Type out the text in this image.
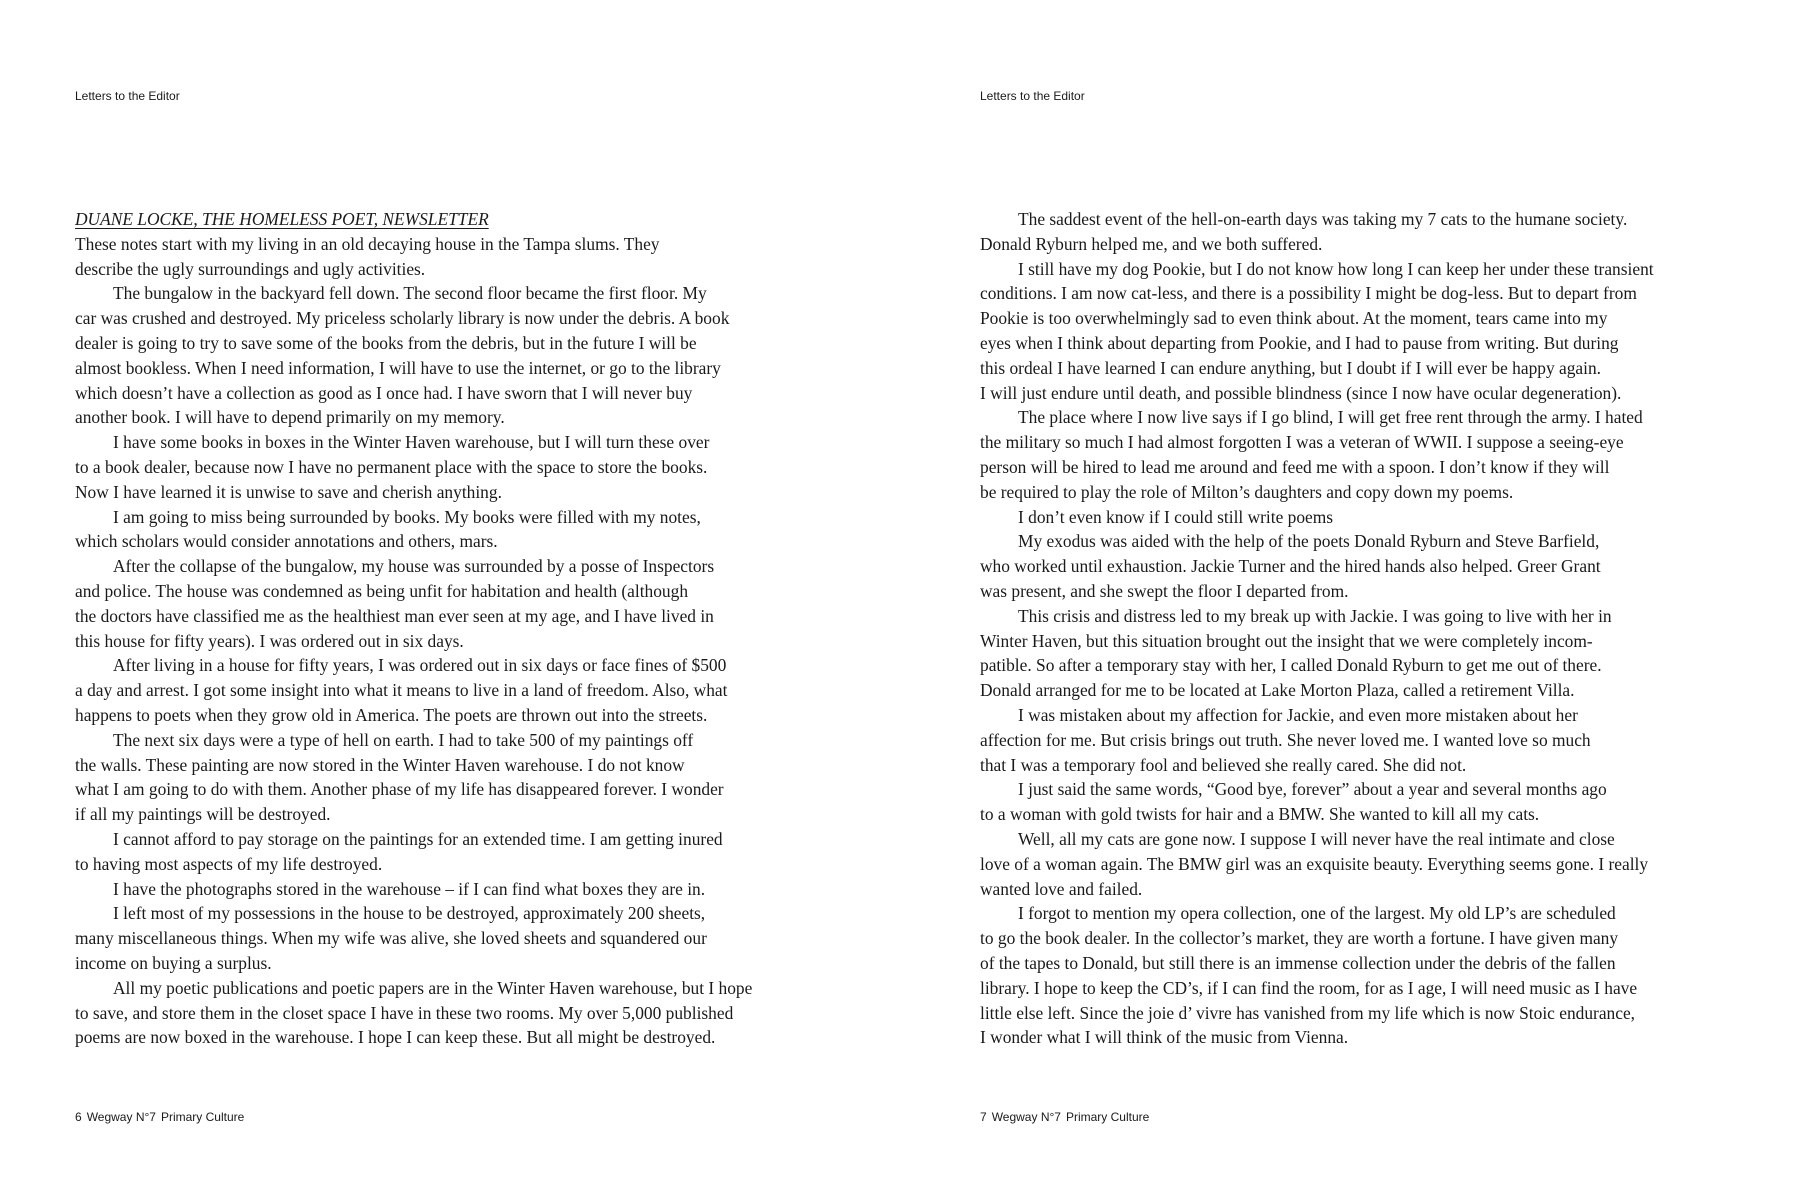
Letters to the Editor
DUANE LOCKE, THE HOMELESS POET, NEWSLETTER
These notes start with my living in an old decaying house in the Tampa slums. They
describe the ugly surroundings and ugly activities.
The bungalow in the backyard fell down. The second floor became the first floor. My
car was crushed and destroyed. My priceless scholarly library is now under the debris. A book
dealer is going to try to save some of the books from the debris, but in the future I will be
almost bookless. When I need information, I will have to use the internet, or go to the library
which doesn’t have a collection as good as I once had. I have sworn that I will never buy
another book. I will have to depend primarily on my memory.
I have some books in boxes in the Winter Haven warehouse, but I will turn these over
to a book dealer, because now I have no permanent place with the space to store the books.
Now I have learned it is unwise to save and cherish anything.
I am going to miss being surrounded by books. My books were filled with my notes,
which scholars would consider annotations and others, mars.
After the collapse of the bungalow, my house was surrounded by a posse of Inspectors
and police. The house was condemned as being unfit for habitation and health (although
the doctors have classified me as the healthiest man ever seen at my age, and I have lived in
this house for fifty years). I was ordered out in six days.
After living in a house for fifty years, I was ordered out in six days or face fines of $500
a day and arrest. I got some insight into what it means to live in a land of freedom. Also, what
happens to poets when they grow old in America. The poets are thrown out into the streets.
The next six days were a type of hell on earth. I had to take 500 of my paintings off
the walls. These painting are now stored in the Winter Haven warehouse. I do not know
what I am going to do with them. Another phase of my life has disappeared forever. I wonder
if all my paintings will be destroyed.
I cannot afford to pay storage on the paintings for an extended time. I am getting inured
to having most aspects of my life destroyed.
I have the photographs stored in the warehouse – if I can find what boxes they are in.
I left most of my possessions in the house to be destroyed, approximately 200 sheets,
many miscellaneous things. When my wife was alive, she loved sheets and squandered our
income on buying a surplus.
All my poetic publications and poetic papers are in the Winter Haven warehouse, but I hope
to save, and store them in the closet space I have in these two rooms. My over 5,000 published
poems are now boxed in the warehouse. I hope I can keep these. But all might be destroyed.
6 Wegway N°7 Primary Culture
Letters to the Editor
The saddest event of the hell-on-earth days was taking my 7 cats to the humane society.
Donald Ryburn helped me, and we both suffered.
I still have my dog Pookie, but I do not know how long I can keep her under these transient
conditions. I am now cat-less, and there is a possibility I might be dog-less. But to depart from
Pookie is too overwhelmingly sad to even think about. At the moment, tears came into my
eyes when I think about departing from Pookie, and I had to pause from writing. But during
this ordeal I have learned I can endure anything, but I doubt if I will ever be happy again.
I will just endure until death, and possible blindness (since I now have ocular degeneration).
The place where I now live says if I go blind, I will get free rent through the army. I hated
the military so much I had almost forgotten I was a veteran of WWII. I suppose a seeing-eye
person will be hired to lead me around and feed me with a spoon. I don’t know if they will
be required to play the role of Milton’s daughters and copy down my poems.
I don’t even know if I could still write poems
My exodus was aided with the help of the poets Donald Ryburn and Steve Barfield,
who worked until exhaustion. Jackie Turner and the hired hands also helped. Greer Grant
was present, and she swept the floor I departed from.
This crisis and distress led to my break up with Jackie. I was going to live with her in
Winter Haven, but this situation brought out the insight that we were completely incom-
patible. So after a temporary stay with her, I called Donald Ryburn to get me out of there.
Donald arranged for me to be located at Lake Morton Plaza, called a retirement Villa.
I was mistaken about my affection for Jackie, and even more mistaken about her
affection for me. But crisis brings out truth. She never loved me. I wanted love so much
that I was a temporary fool and believed she really cared. She did not.
I just said the same words, “Good bye, forever” about a year and several months ago
to a woman with gold twists for hair and a BMW. She wanted to kill all my cats.
Well, all my cats are gone now. I suppose I will never have the real intimate and close
love of a woman again. The BMW girl was an exquisite beauty. Everything seems gone. I really
wanted love and failed.
I forgot to mention my opera collection, one of the largest. My old LP’s are scheduled
to go the book dealer. In the collector’s market, they are worth a fortune. I have given many
of the tapes to Donald, but still there is an immense collection under the debris of the fallen
library. I hope to keep the CD’s, if I can find the room, for as I age, I will need music as I have
little else left. Since the joie d’ vivre has vanished from my life which is now Stoic endurance,
I wonder what I will think of the music from Vienna.
7 Wegway N°7 Primary Culture
